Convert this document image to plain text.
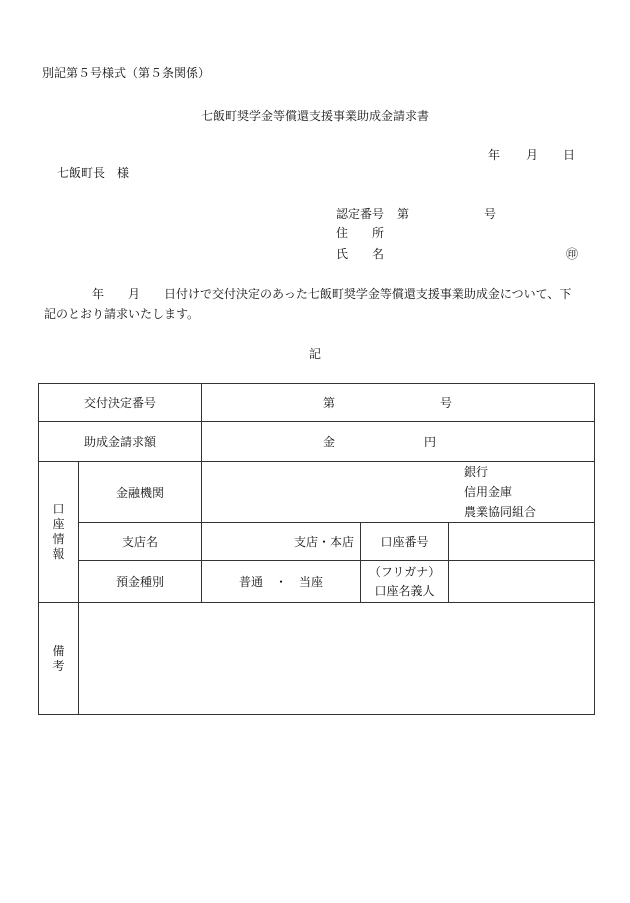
別記第５号様式（第５条関係）
七飯町奨学金等償還支援事業助成金請求書
年 月 日
七飯町長　様
認定番号 第	号
住　　所
氏　　名	㊞
年　　月　　日付けで交付決定のあった七飯町奨学金等償還支援事業助成金について、下
記のとおり請求いたします。
記
交付決定番号		第 号		
助成金請求額		金 円		

口
座
情
報	金融機関	銀行
信用金庫
農業協同組合		

	支店名	支店・本店	口座番号	
	預金種別	普通　・　当座	（フリガナ）
口座名義人	

備
考				
